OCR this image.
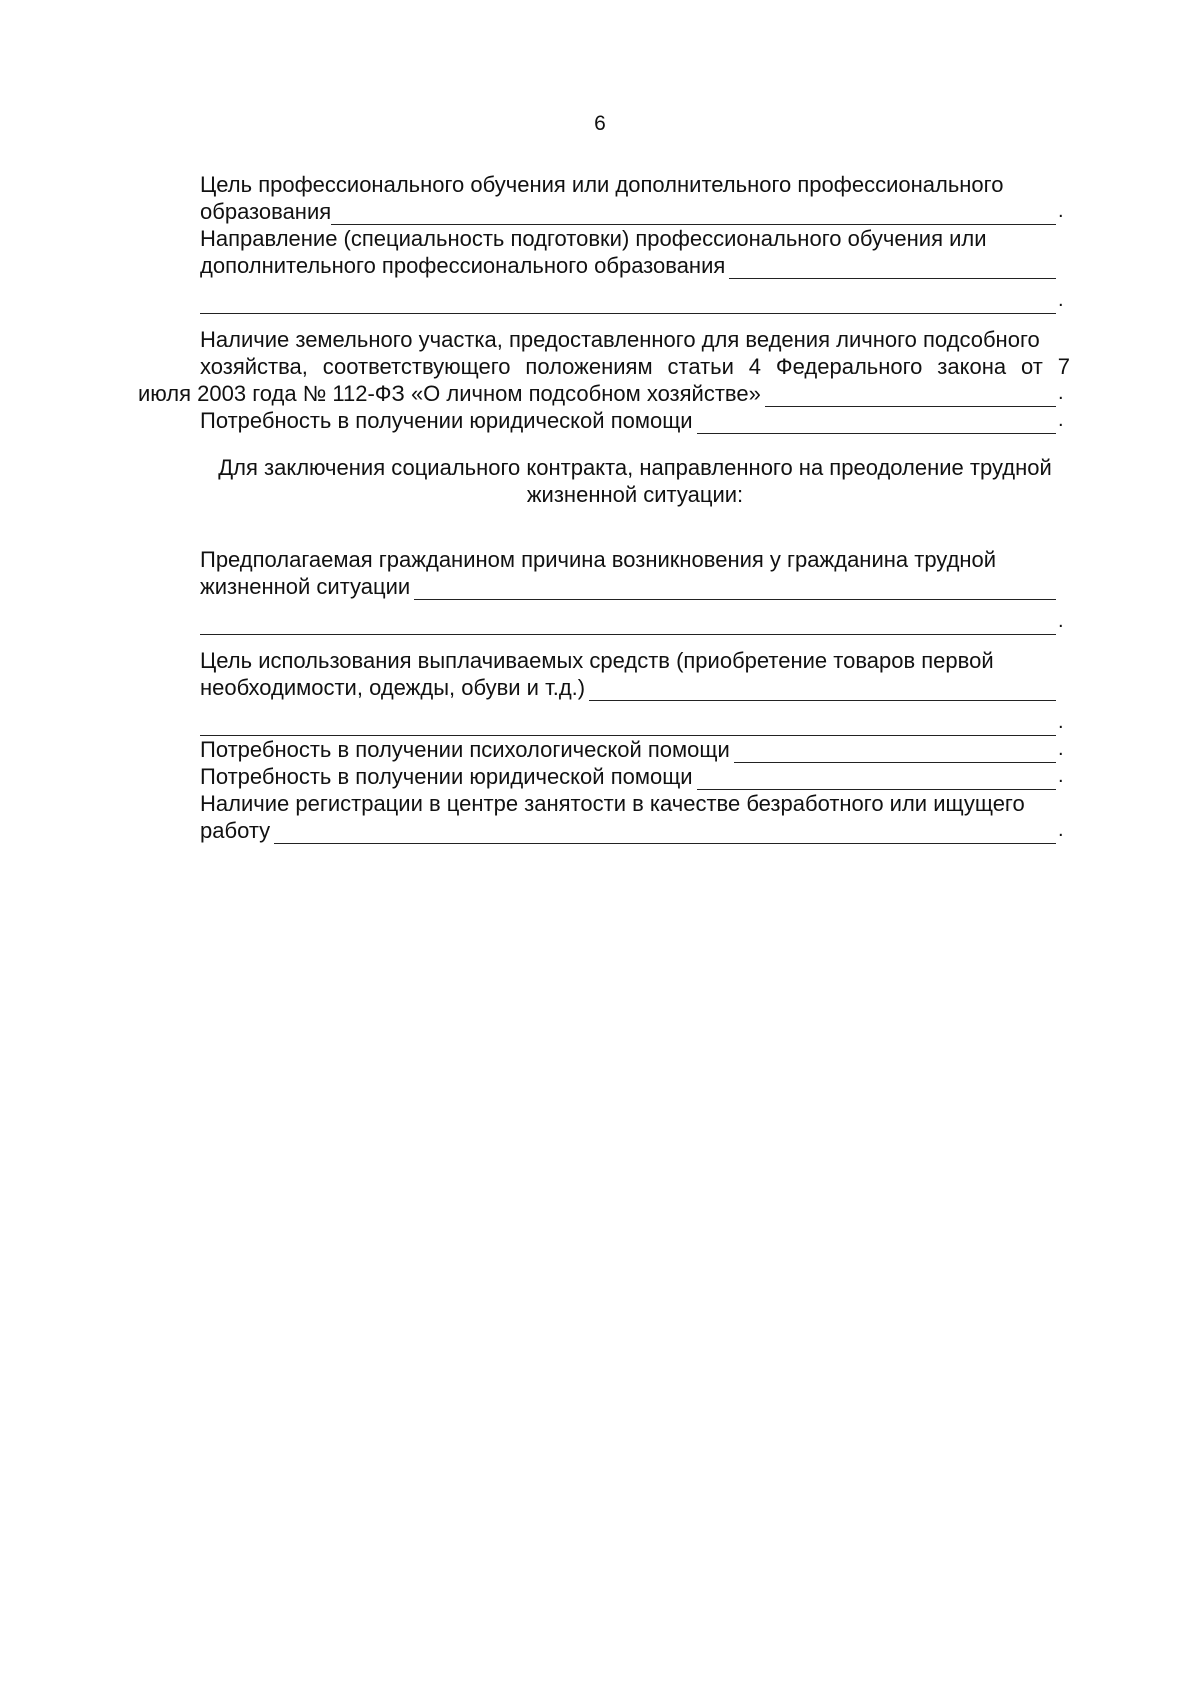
6
Цель профессионального обучения или дополнительного профессионального
образования	.
Направление (специальность подготовки) профессионального обучения или
дополнительного профессионального образования
.
Наличие земельного участка, предоставленного для ведения личного подсобного
хозяйства, соответствующего положениям статьи 4 Федерального закона от 7
июля 2003 года № 112-ФЗ «О личном подсобном хозяйстве»	.
Потребность в получении юридической помощи	.
Для заключения социального контракта, направленного на преодоление трудной жизненной ситуации:
Предполагаемая гражданином причина возникновения у гражданина трудной
жизненной ситуации
.
Цель использования выплачиваемых средств (приобретение товаров первой
необходимости, одежды, обуви и т.д.)
.
Потребность в получении психологической помощи	.
Потребность в получении юридической помощи	.
Наличие регистрации в центре занятости в качестве безработного или ищущего
работу	.
